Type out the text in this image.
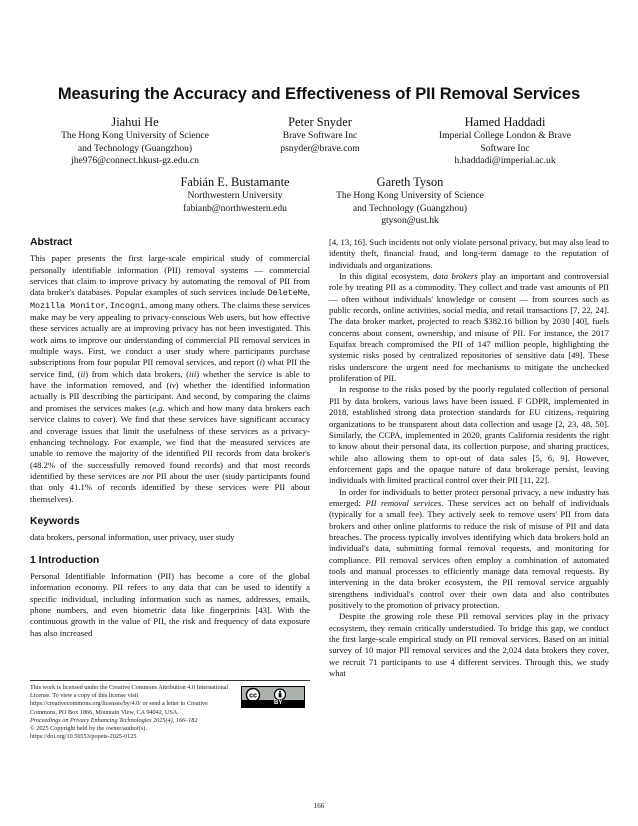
Measuring the Accuracy and Effectiveness of PII Removal Services
Jiahui He
The Hong Kong University of Science
and Technology (Guangzhou)
jhe976@connect.hkust-gz.edu.cn
Peter Snyder
Brave Software Inc
psnyder@brave.com
Hamed Haddadi
Imperial College London & Brave
Software Inc
h.haddadi@imperial.ac.uk
Fabián E. Bustamante
Northwestern University
fabianb@northwestern.edu
Gareth Tyson
The Hong Kong University of Science
and Technology (Guangzhou)
gtyson@ust.hk
Abstract

This paper presents the first large-scale empirical study of commercial personally identifiable information (PII) removal systems — commercial services that claim to improve privacy by automating the removal of PII from data broker's databases. Popular examples of such services include DeleteMe, Mozilla Monitor, Incogni, among many others. The claims these services make may be very appealing to privacy-conscious Web users, but how effective these services actually are at improving privacy has not been investigated. This work aims to improve our understanding of commercial PII removal services in multiple ways. First, we conduct a user study where participants purchase subscriptions from four popular PII removal services, and report (i) what PII the service find, (ii) from which data brokers, (iii) whether the service is able to have the information removed, and (iv) whether the identified information actually is PII describing the participant. And second, by comparing the claims and promises the services makes (e.g. which and how many data brokers each service claims to cover). We find that these services have significant accuracy and coverage issues that limit the usefulness of these services as a privacy-enhancing technology. For example, we find that the measured services are unable to remove the majority of the identified PII records from data broker's (48.2% of the successfully removed found records) and that most records identified by these services are not PII about the user (study participants found that only 41.1% of records identified by these services were PII about themselves).

Keywords

data brokers, personal information, user privacy, user study

1 Introduction

Personal Identifiable Information (PII) has become a core of the global information economy. PII refers to any data that can be used to identify a specific individual, including information such as names, addresses, emails, phone numbers, and even biometric data like fingerprints [43]. With the continuous growth in the value of PII, the risk and frequency of data exposure has also increased

[4, 13, 16]. Such incidents not only violate personal privacy, but may also lead to identity theft, financial fraud, and long-term damage to the reputation of individuals and organizations.

In this digital ecosystem, data brokers play an important and controversial role by treating PII as a commodity. They collect and trade vast amounts of PII –– often without individuals' knowledge or consent –– from sources such as public records, online activities, social media, and retail transactions [7, 22, 24]. The data broker market, projected to reach $382.16 billion by 2030 [40], fuels concerns about consent, ownership, and misuse of PII. For instance, the 2017 Equifax breach compromised the PII of 147 million people, highlighting the systemic risks posed by centralized repositories of sensitive data [49]. These risks underscore the urgent need for mechanisms to mitigate the unchecked proliferation of PII.

In response to the risks posed by the poorly regulated collection of personal PII by data brokers, various laws have been issued. F GDPR, implemented in 2018, established strong data protection standards for EU citizens, requiring organizations to be transparent about data collection and usage [2, 23, 48, 50]. Similarly, the CCPA, implemented in 2020, grants California residents the right to know about their personal data, its collection purpose, and sharing practices, while also allowing them to opt-out of data sales [5, 6, 9]. However, enforcement gaps and the opaque nature of data brokerage persist, leaving individuals with limited practical control over their PII [11, 22].

In order for individuals to better protect personal privacy, a new industry has emerged: PII removal services. These services act on behalf of individuals (typically for a small fee). They actively seek to remove users' PII from data brokers and other online platforms to reduce the risk of misuse of PII and data breaches. The process typically involves identifying which data brokers hold an individual's data, submitting formal removal requests, and monitoring for compliance. PII removal services often employ a combination of automated tools and manual processes to efficiently manage data removal requests. By intervening in the data broker ecosystem, the PII removal service arguably strengthens individual's control over their own data and also contributes positively to the promotion of privacy protection.

Despite the growing role these PII removal services play in the privacy ecosystem, they remain critically understudied. To bridge this gap, we conduct the first large-scale empirical study on PII removal services. Based on an initial survey of 10 major PII removal services and the 2,024 data brokers they cover, we recruit 71 participants to use 4 different services. Through this, we study what

This work is licensed under the Creative Commons Attribution 4.0 International License. To view a copy of this license visit https://creativecommons.org/licenses/by/4.0/ or send a letter to Creative Commons, PO Box 1866, Mountain View, CA 94042, USA.
Proceedings on Privacy Enhancing Technologies 2025(4), 166–182
© 2025 Copyright held by the owner/author(s).
https://doi.org/10.56553/popets-2025-0125
cc
BY
166
